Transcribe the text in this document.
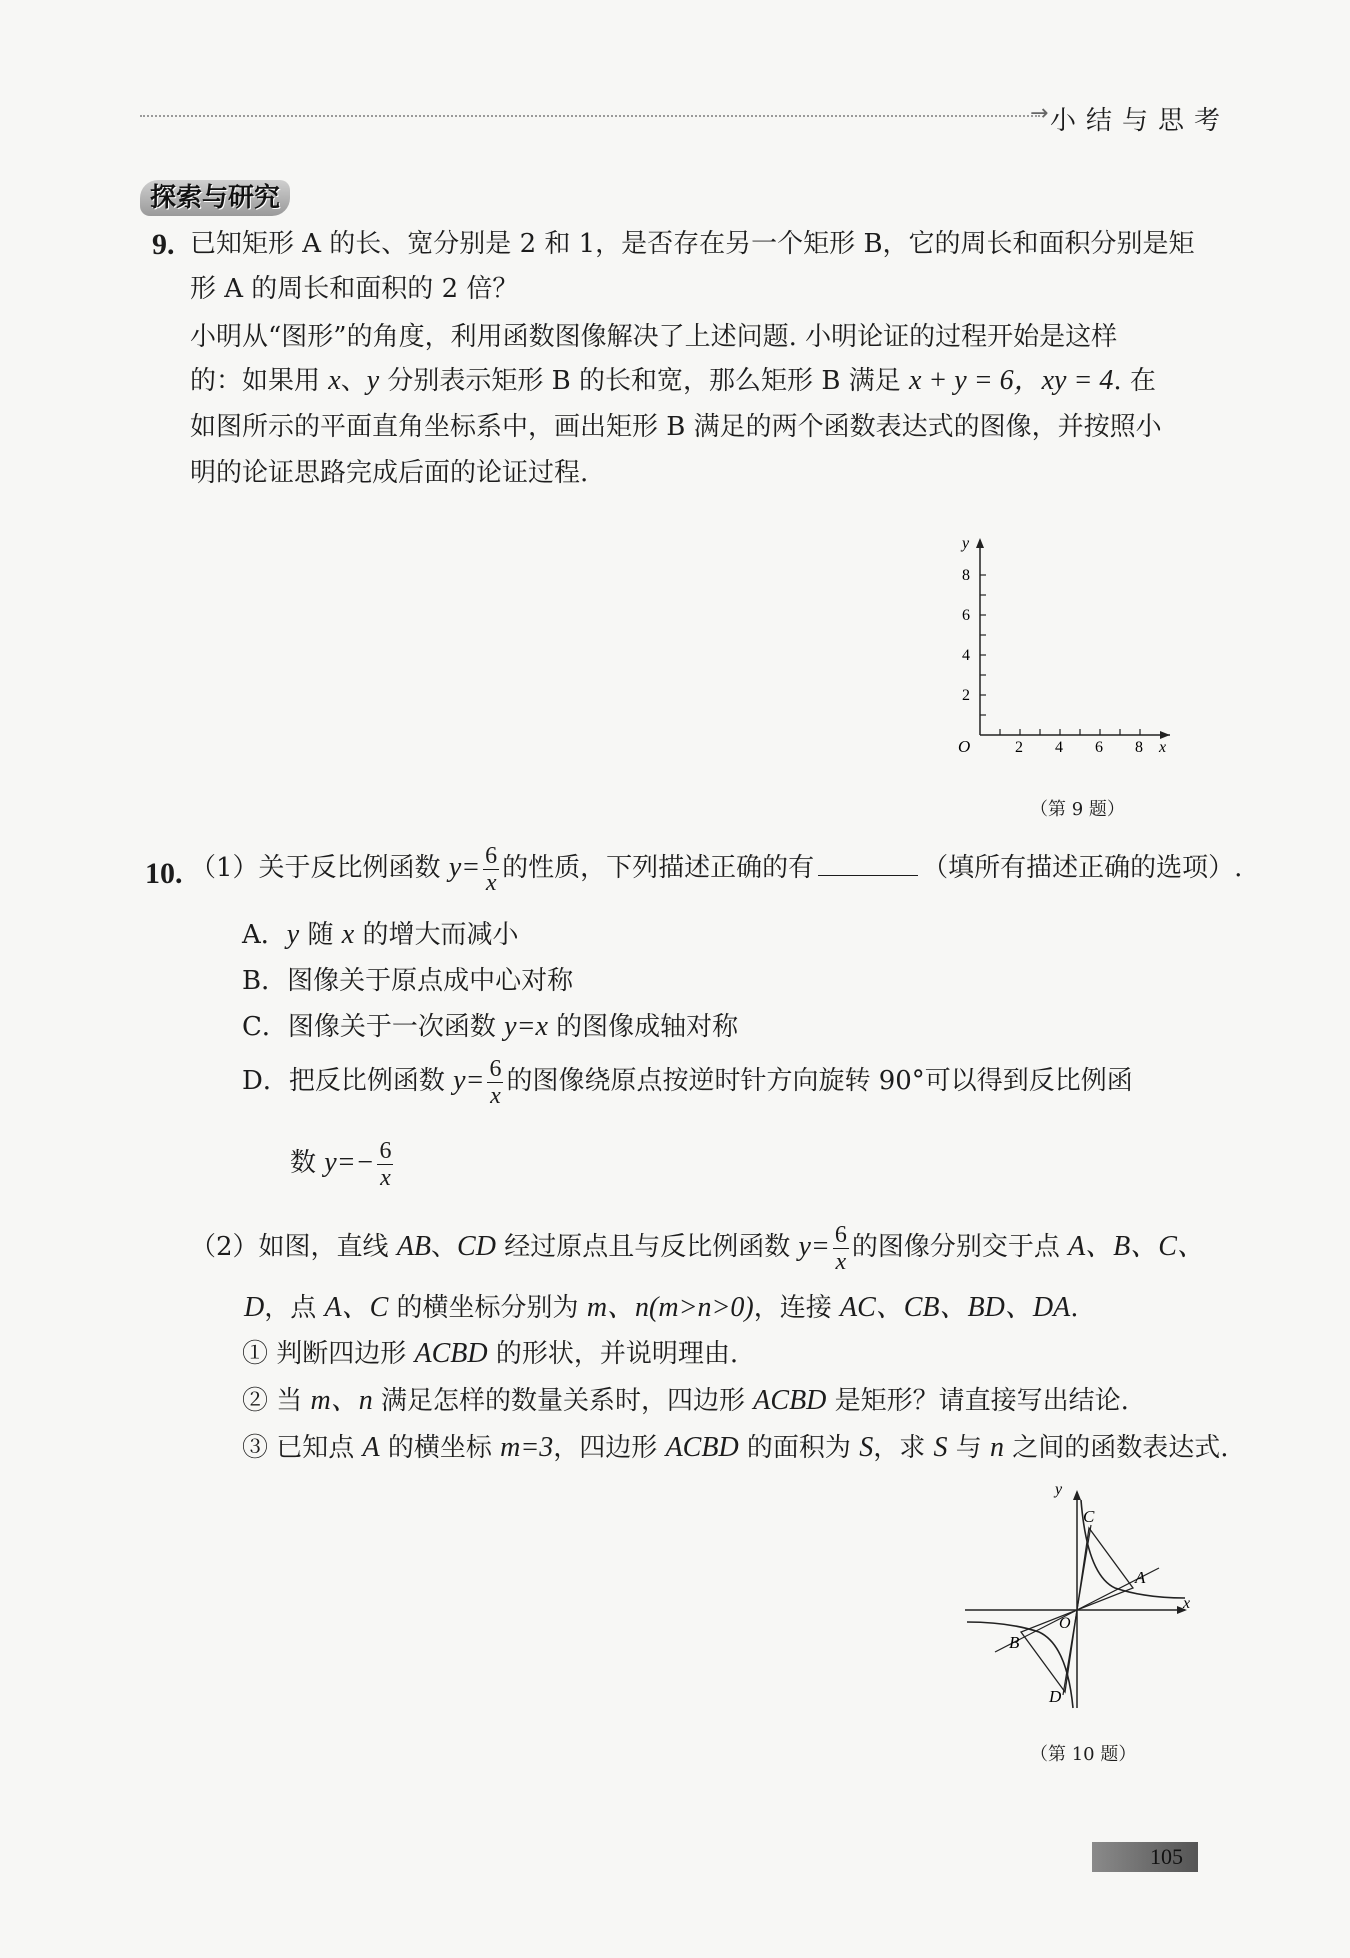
→ 小结与思考
探索与研究
9. 已知矩形 A 的长、宽分别是 2 和 1，是否存在另一个矩形 B，它的周长和面积分别是矩
形 A 的周长和面积的 2 倍？
小明从“图形”的角度，利用函数图像解决了上述问题. 小明论证的过程开始是这样
的：如果用 x、y 分别表示矩形 B 的长和宽，那么矩形 B 满足 x + y = 6，xy = 4. 在
如图所示的平面直角坐标系中，画出矩形 B 满足的两个函数表达式的图像，并按照小
明的论证思路完成后面的论证过程.
y
x
O
8
6
4
2
2 4 6 8
（第 9 题）
10. （1）关于反比例函数 $y= \frac{6}{x}$ 的性质，下列描述正确的有	（填所有描述正确的选项）.
A．y 随 x 的增大而减小
B．图像关于原点成中心对称
C．图像关于一次函数 y=x 的图像成轴对称
D．把反比例函数 $y= \frac{6}{x}$ 的图像绕原点按逆时针方向旋转 90°可以得到反比例函
数 $y=- \frac{6}{x}$
（2）如图，直线 AB、CD 经过原点且与反比例函数 $y= \frac{6}{x}$ 的图像分别交于点 A、B、C、
D，点 A、C 的横坐标分别为 m、n(m>n>0)，连接 AC、CB、BD、DA.
① 判断四边形 ACBD 的形状，并说明理由.
② 当 m、n 满足怎样的数量关系时，四边形 ACBD 是矩形？请直接写出结论.
③ 已知点 A 的横坐标 m=3，四边形 ACBD 的面积为 S，求 S 与 n 之间的函数表达式.
C
A
B
D
O
x
y
（第 10 题）
105
